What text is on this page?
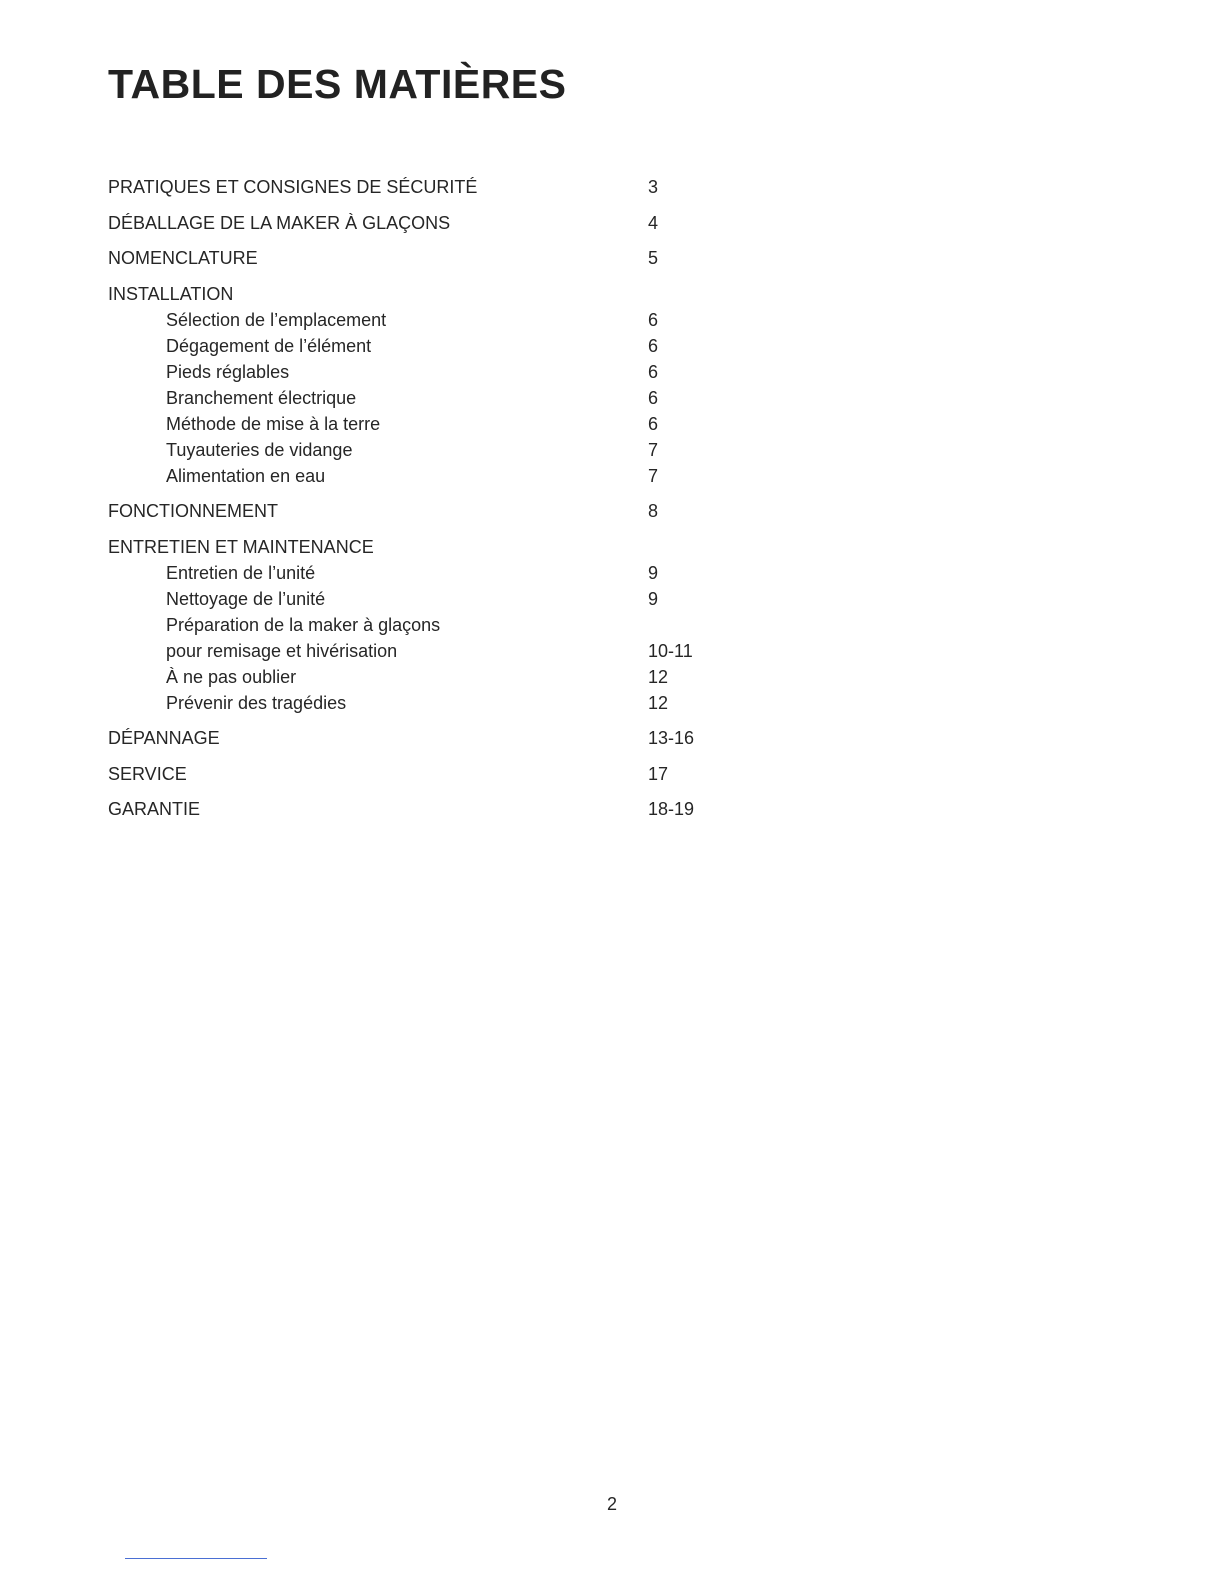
TABLE DES MATIÈRES
PRATIQUES ET CONSIGNES DE SÉCURITÉ	3
DÉBALLAGE DE LA MAKER À GLAÇONS	4
NOMENCLATURE	5
INSTALLATION
Sélection de l’emplacement	6
Dégagement de l’élément	6
Pieds réglables	6
Branchement électrique	6
Méthode de mise à la terre	6
Tuyauteries de vidange	7
Alimentation en eau	7
FONCTIONNEMENT	8
ENTRETIEN ET MAINTENANCE
Entretien de l’unité	9
Nettoyage de l’unité	9
Préparation de la maker à glaçons
pour remisage et hivérisation	10-11
À ne pas oublier	12
Prévenir des tragédies	12
DÉPANNAGE	13-16
SERVICE	17
GARANTIE	18-19
2
